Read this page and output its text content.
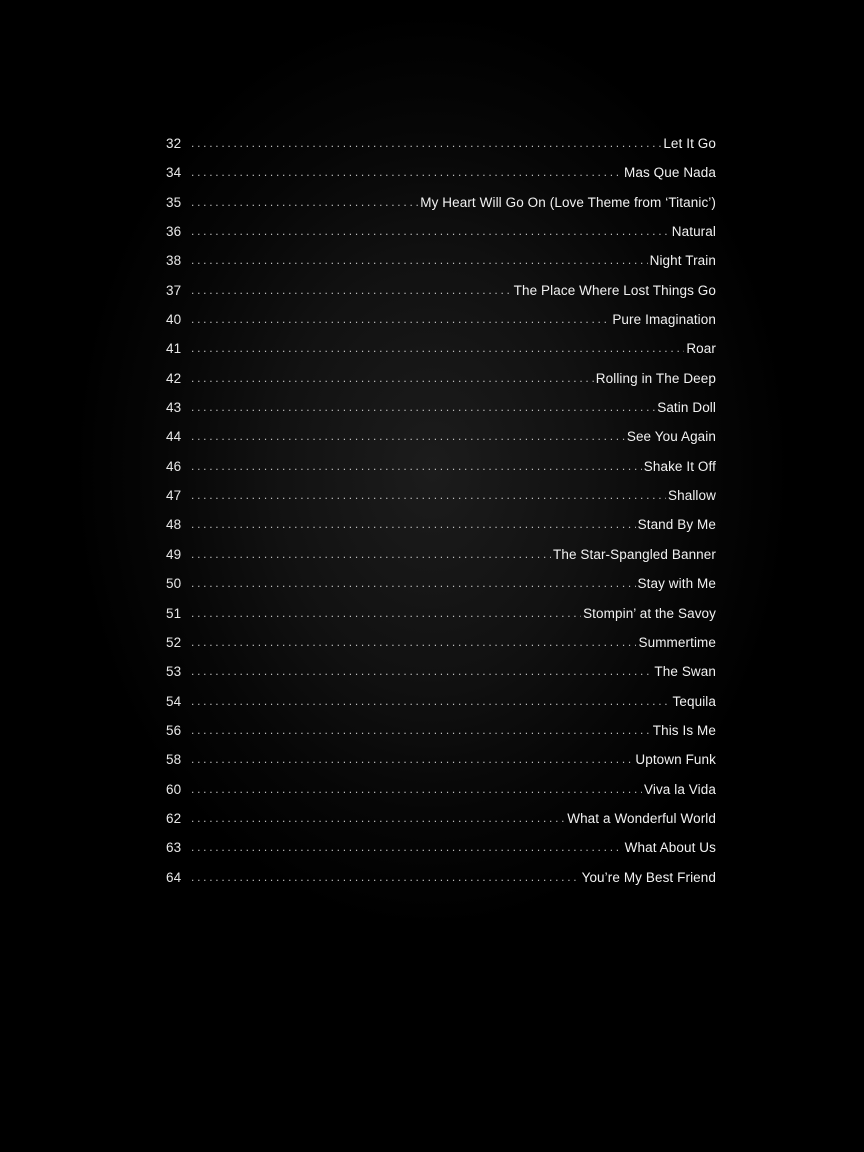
32 . . .	Let It Go
34 . . .	Mas Que Nada
35 . . .	My Heart Will Go On (Love Theme from ‘Titanic’)
36 . . .	Natural
38 . . .	Night Train
37 . . .	The Place Where Lost Things Go
40 . . .	Pure Imagination
41 . . .	Roar
42 . . .	Rolling in The Deep
43 . . .	Satin Doll
44 . . .	See You Again
46 . . .	Shake It Off
47 . . .	Shallow
48 . . .	Stand By Me
49 . . .	The Star-Spangled Banner
50 . . .	Stay with Me
51 . . .	Stompin’ at the Savoy
52 . . .	Summertime
53 . . .	The Swan
54 . . .	Tequila
56 . . .	This Is Me
58 . . .	Uptown Funk
60 . . .	Viva la Vida
62 . . .	What a Wonderful World
63 . . .	What About Us
64 . . .	You’re My Best Friend
